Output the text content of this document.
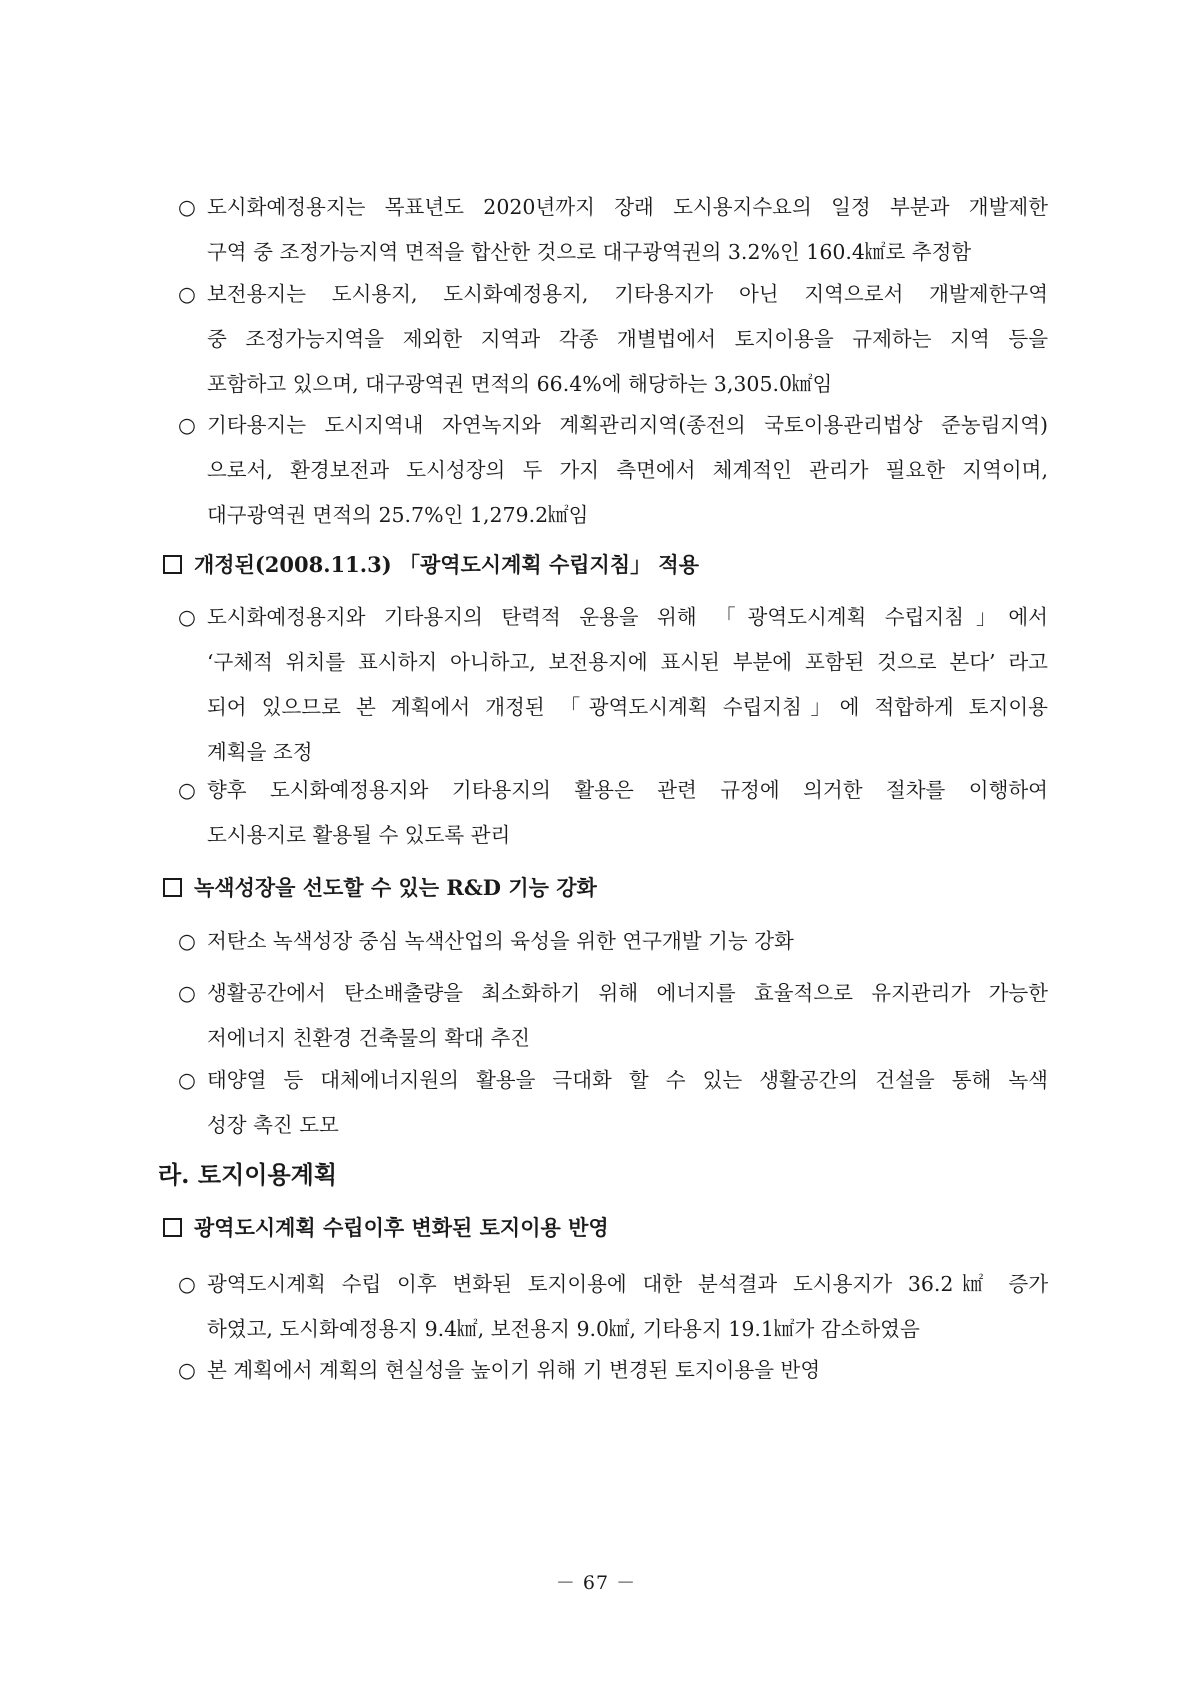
○ 도시화예정용지는 목표년도 2020년까지 장래 도시용지수요의 일정 부분과 개발제한
구역 중 조정가능지역 면적을 합산한 것으로 대구광역권의 3.2%인 160.4㎢로 추정함
○ 보전용지는 도시용지, 도시화예정용지, 기타용지가 아닌 지역으로서 개발제한구역
중 조정가능지역을 제외한 지역과 각종 개별법에서 토지이용을 규제하는 지역 등을
포함하고 있으며, 대구광역권 면적의 66.4%에 해당하는 3,305.0㎢임
○ 기타용지는 도시지역내 자연녹지와 계획관리지역(종전의 국토이용관리법상 준농림지역)
으로서, 환경보전과 도시성장의 두 가지 측면에서 체계적인 관리가 필요한 지역이며,
대구광역권 면적의 25.7%인 1,279.2㎢임
개정된(2008.11.3) 「광역도시계획 수립지침」 적용
○ 도시화예정용지와 기타용지의 탄력적 운용을 위해 「광역도시계획 수립지침」에서
‘구체적 위치를 표시하지 아니하고, 보전용지에 표시된 부분에 포함된 것으로 본다’ 라고
되어 있으므로 본 계획에서 개정된 「광역도시계획 수립지침」에 적합하게 토지이용
계획을 조정
○ 향후 도시화예정용지와 기타용지의 활용은 관련 규정에 의거한 절차를 이행하여
도시용지로 활용될 수 있도록 관리
녹색성장을 선도할 수 있는 R&D 기능 강화
○ 저탄소 녹색성장 중심 녹색산업의 육성을 위한 연구개발 기능 강화
○ 생활공간에서 탄소배출량을 최소화하기 위해 에너지를 효율적으로 유지관리가 가능한
저에너지 친환경 건축물의 확대 추진
○ 태양열 등 대체에너지원의 활용을 극대화 할 수 있는 생활공간의 건설을 통해 녹색
성장 촉진 도모
라. 토지이용계획
광역도시계획 수립이후 변화된 토지이용 반영
○ 광역도시계획 수립 이후 변화된 토지이용에 대한 분석결과 도시용지가 36.2㎢ 증가
하였고, 도시화예정용지 9.4㎢, 보전용지 9.0㎢, 기타용지 19.1㎢가 감소하였음
○ 본 계획에서 계획의 현실성을 높이기 위해 기 변경된 토지이용을 반영
－ 67 －
